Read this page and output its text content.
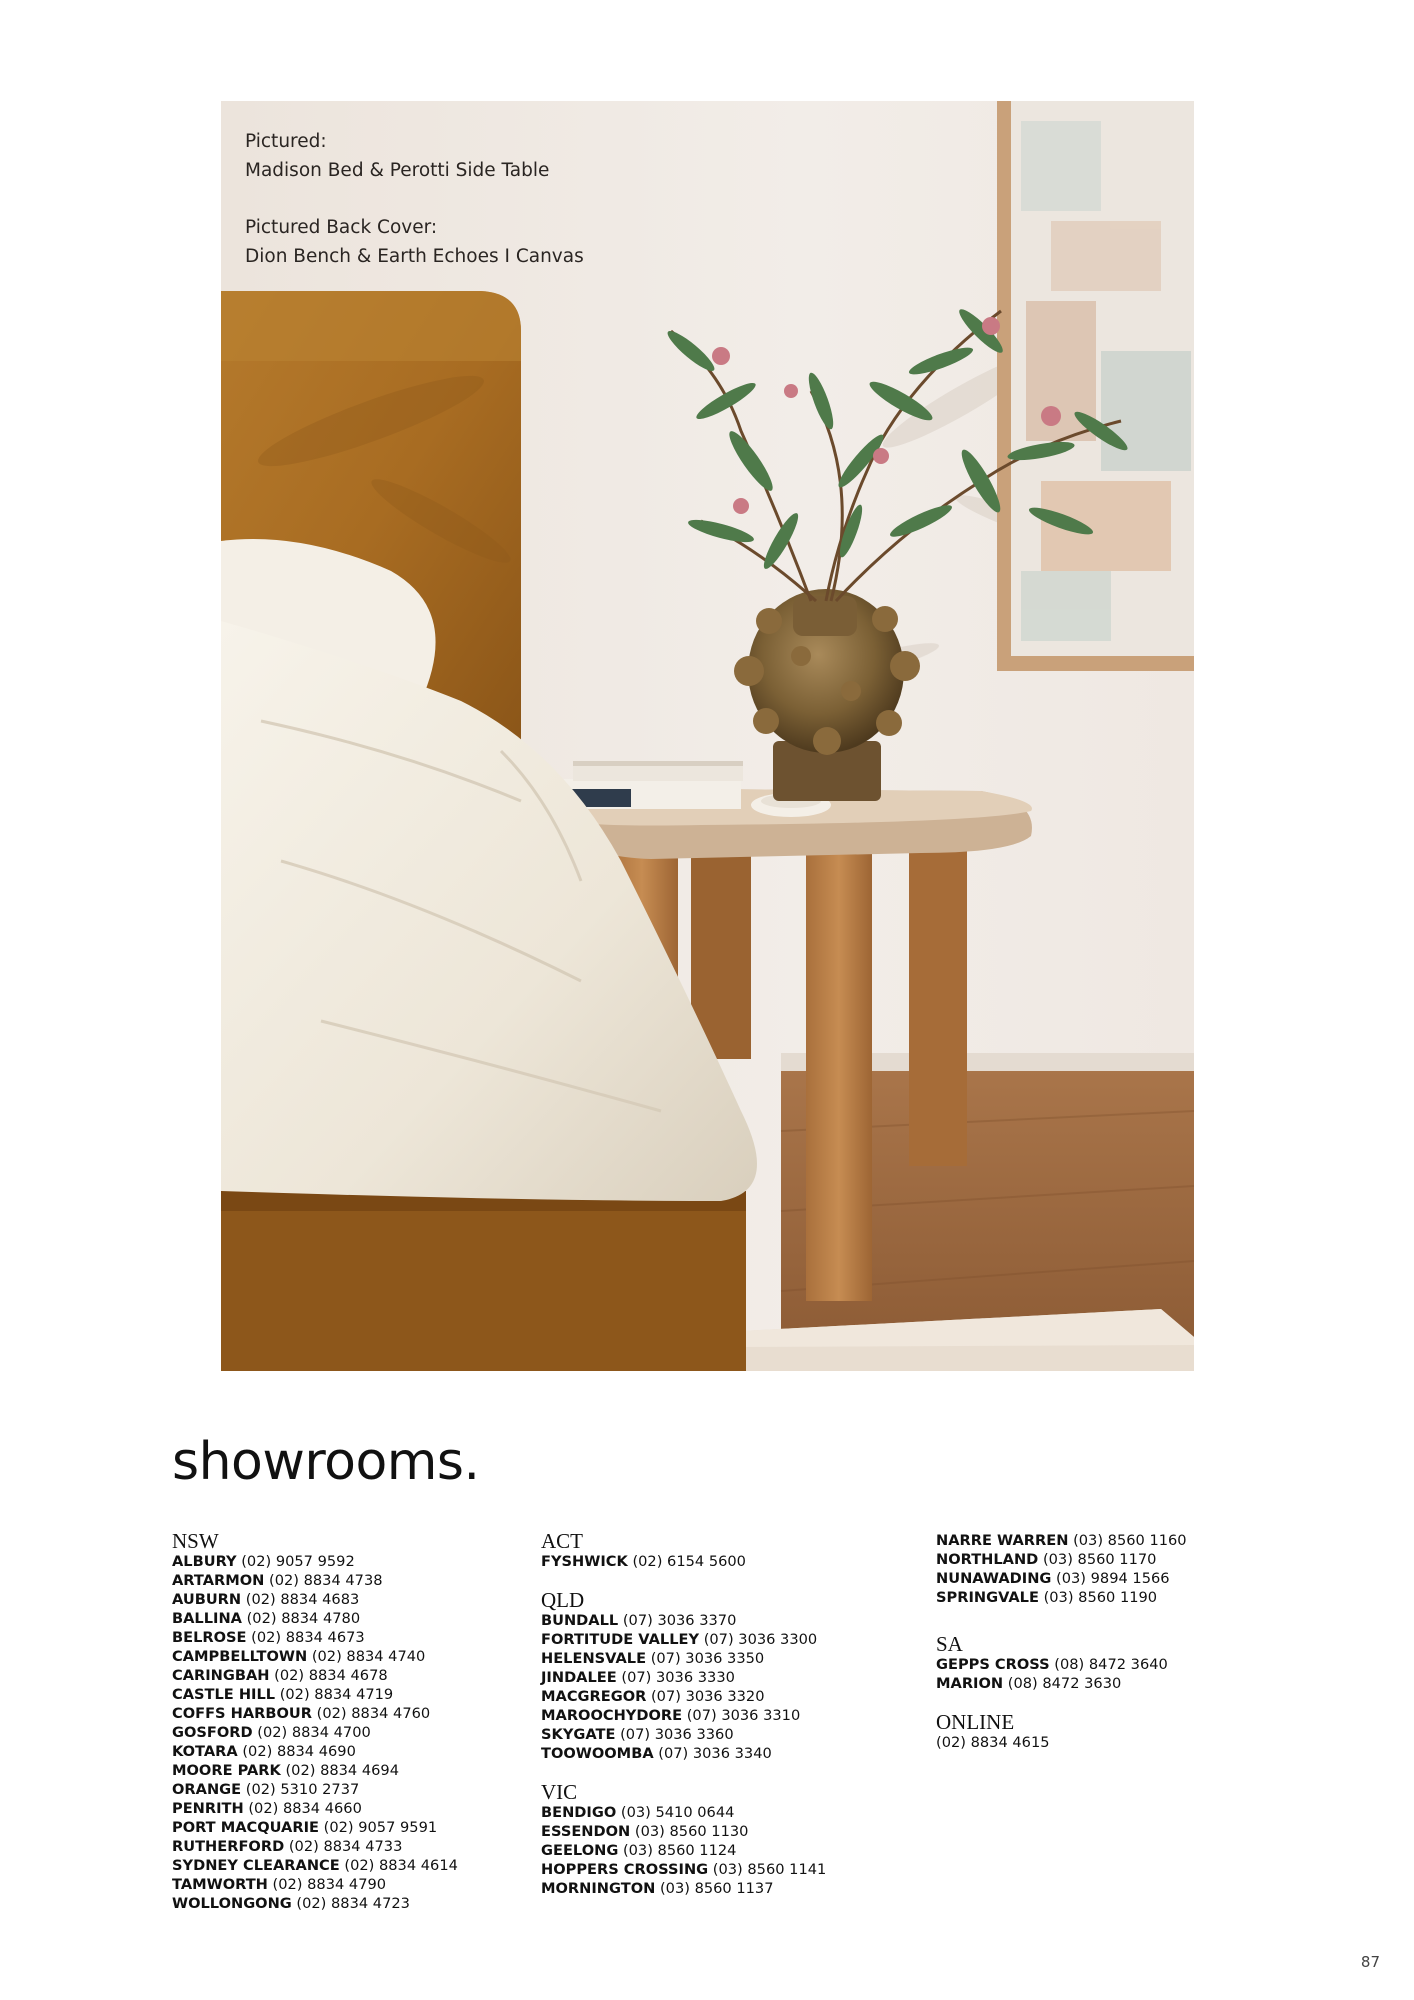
Pictured:
Madison Bed & Perotti Side Table
Pictured Back Cover:
Dion Bench & Earth Echoes I Canvas
showrooms.
NSW
ALBURY (02) 9057 9592
ARTARMON (02) 8834 4738
AUBURN (02) 8834 4683
BALLINA (02) 8834 4780
BELROSE (02) 8834 4673
CAMPBELLTOWN (02) 8834 4740
CARINGBAH (02) 8834 4678
CASTLE HILL (02) 8834 4719
COFFS HARBOUR (02) 8834 4760
GOSFORD (02) 8834 4700
KOTARA (02) 8834 4690
MOORE PARK (02) 8834 4694
ORANGE (02) 5310 2737
PENRITH (02) 8834 4660
PORT MACQUARIE (02) 9057 9591
RUTHERFORD (02) 8834 4733
SYDNEY CLEARANCE (02) 8834 4614
TAMWORTH (02) 8834 4790
WOLLONGONG (02) 8834 4723
ACT
FYSHWICK (02) 6154 5600
QLD
BUNDALL (07) 3036 3370
FORTITUDE VALLEY (07) 3036 3300
HELENSVALE (07) 3036 3350
JINDALEE (07) 3036 3330
MACGREGOR (07) 3036 3320
MAROOCHYDORE (07) 3036 3310
SKYGATE (07) 3036 3360
TOOWOOMBA (07) 3036 3340
VIC
BENDIGO (03) 5410 0644
ESSENDON (03) 8560 1130
GEELONG (03) 8560 1124
HOPPERS CROSSING (03) 8560 1141
MORNINGTON (03) 8560 1137
NARRE WARREN (03) 8560 1160
NORTHLAND (03) 8560 1170
NUNAWADING (03) 9894 1566
SPRINGVALE (03) 8560 1190
SA
GEPPS CROSS (08) 8472 3640
MARION (08) 8472 3630
ONLINE
(02) 8834 4615
87
